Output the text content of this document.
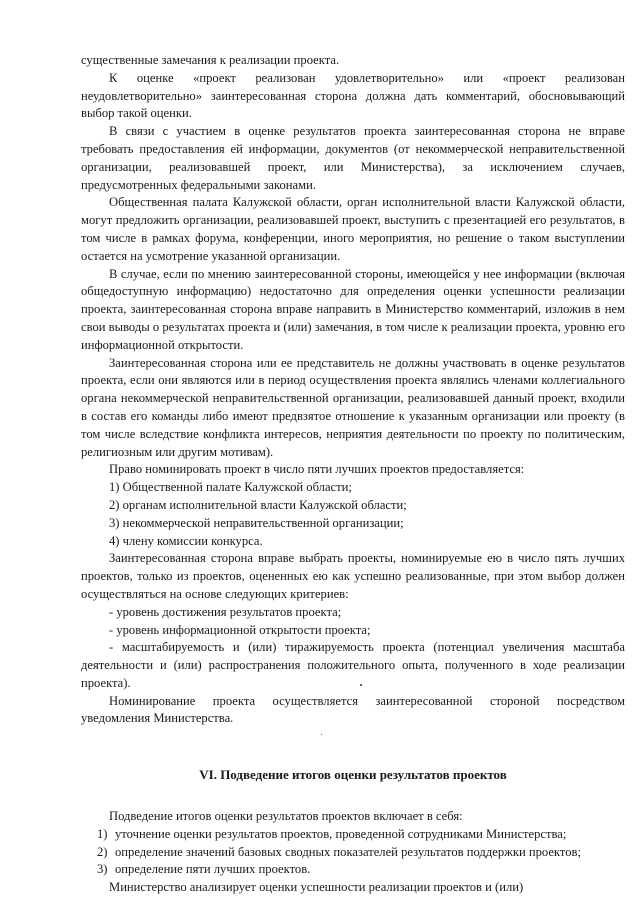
существенные замечания к реализации проекта.

К оценке «проект реализован удовлетворительно» или «проект реализован неудовлетворительно» заинтересованная сторона должна дать комментарий, обосновывающий выбор такой оценки.

В связи с участием в оценке результатов проекта заинтересованная сторона не вправе требовать предоставления ей информации, документов (от некоммерческой неправительственной организации, реализовавшей проект, или Министерства), за исключением случаев, предусмотренных федеральными законами.

Общественная палата Калужской области, орган исполнительной власти Калужской области, могут предложить организации, реализовавшей проект, выступить с презентацией его результатов, в том числе в рамках форума, конференции, иного мероприятия, но решение о таком выступлении остается на усмотрение указанной организации.

В случае, если по мнению заинтересованной стороны, имеющейся у нее информации (включая общедоступную информацию) недостаточно для определения оценки успешности реализации проекта, заинтересованная сторона вправе направить в Министерство комментарий, изложив в нем свои выводы о результатах проекта и (или) замечания, в том числе к реализации проекта, уровню его информационной открытости.

Заинтересованная сторона или ее представитель не должны участвовать в оценке результатов проекта, если они являются или в период осуществления проекта являлись членами коллегиального органа некоммерческой неправительственной организации, реализовавшей данный проект, входили в состав его команды либо имеют предвзятое отношение к указанным организации или проекту (в том числе вследствие конфликта интересов, неприятия деятельности по проекту по политическим, религиозным или другим мотивам).

Право номинировать проект в число пяти лучших проектов предоставляется:

1) Общественной палате Калужской области;

2) органам исполнительной власти Калужской области;

3) некоммерческой неправительственной организации;

4) члену комиссии конкурса.

Заинтересованная сторона вправе выбрать проекты, номинируемые ею в число пять лучших проектов, только из проектов, оцененных ею как успешно реализованные, при этом выбор должен осуществляться на основе следующих критериев:

- уровень достижения результатов проекта;

- уровень информационной открытости проекта;

- масштабируемость и (или) тиражируемость проекта (потенциал увеличения масштаба деятельности и (или) распространения положительного опыта, полученного в ходе реализации проекта).

Номинирование проекта осуществляется заинтересованной стороной посредством уведомления Министерства.

VI. Подведение итогов оценки результатов проектов

Подведение итогов оценки результатов проектов включает в себя:

1) уточнение оценки результатов проектов, проведенной сотрудниками Министерства;
2) определение значений базовых сводных показателей результатов поддержки проектов;
3) определение пяти лучших проектов.

Министерство анализирует оценки успешности реализации проектов и (или)
